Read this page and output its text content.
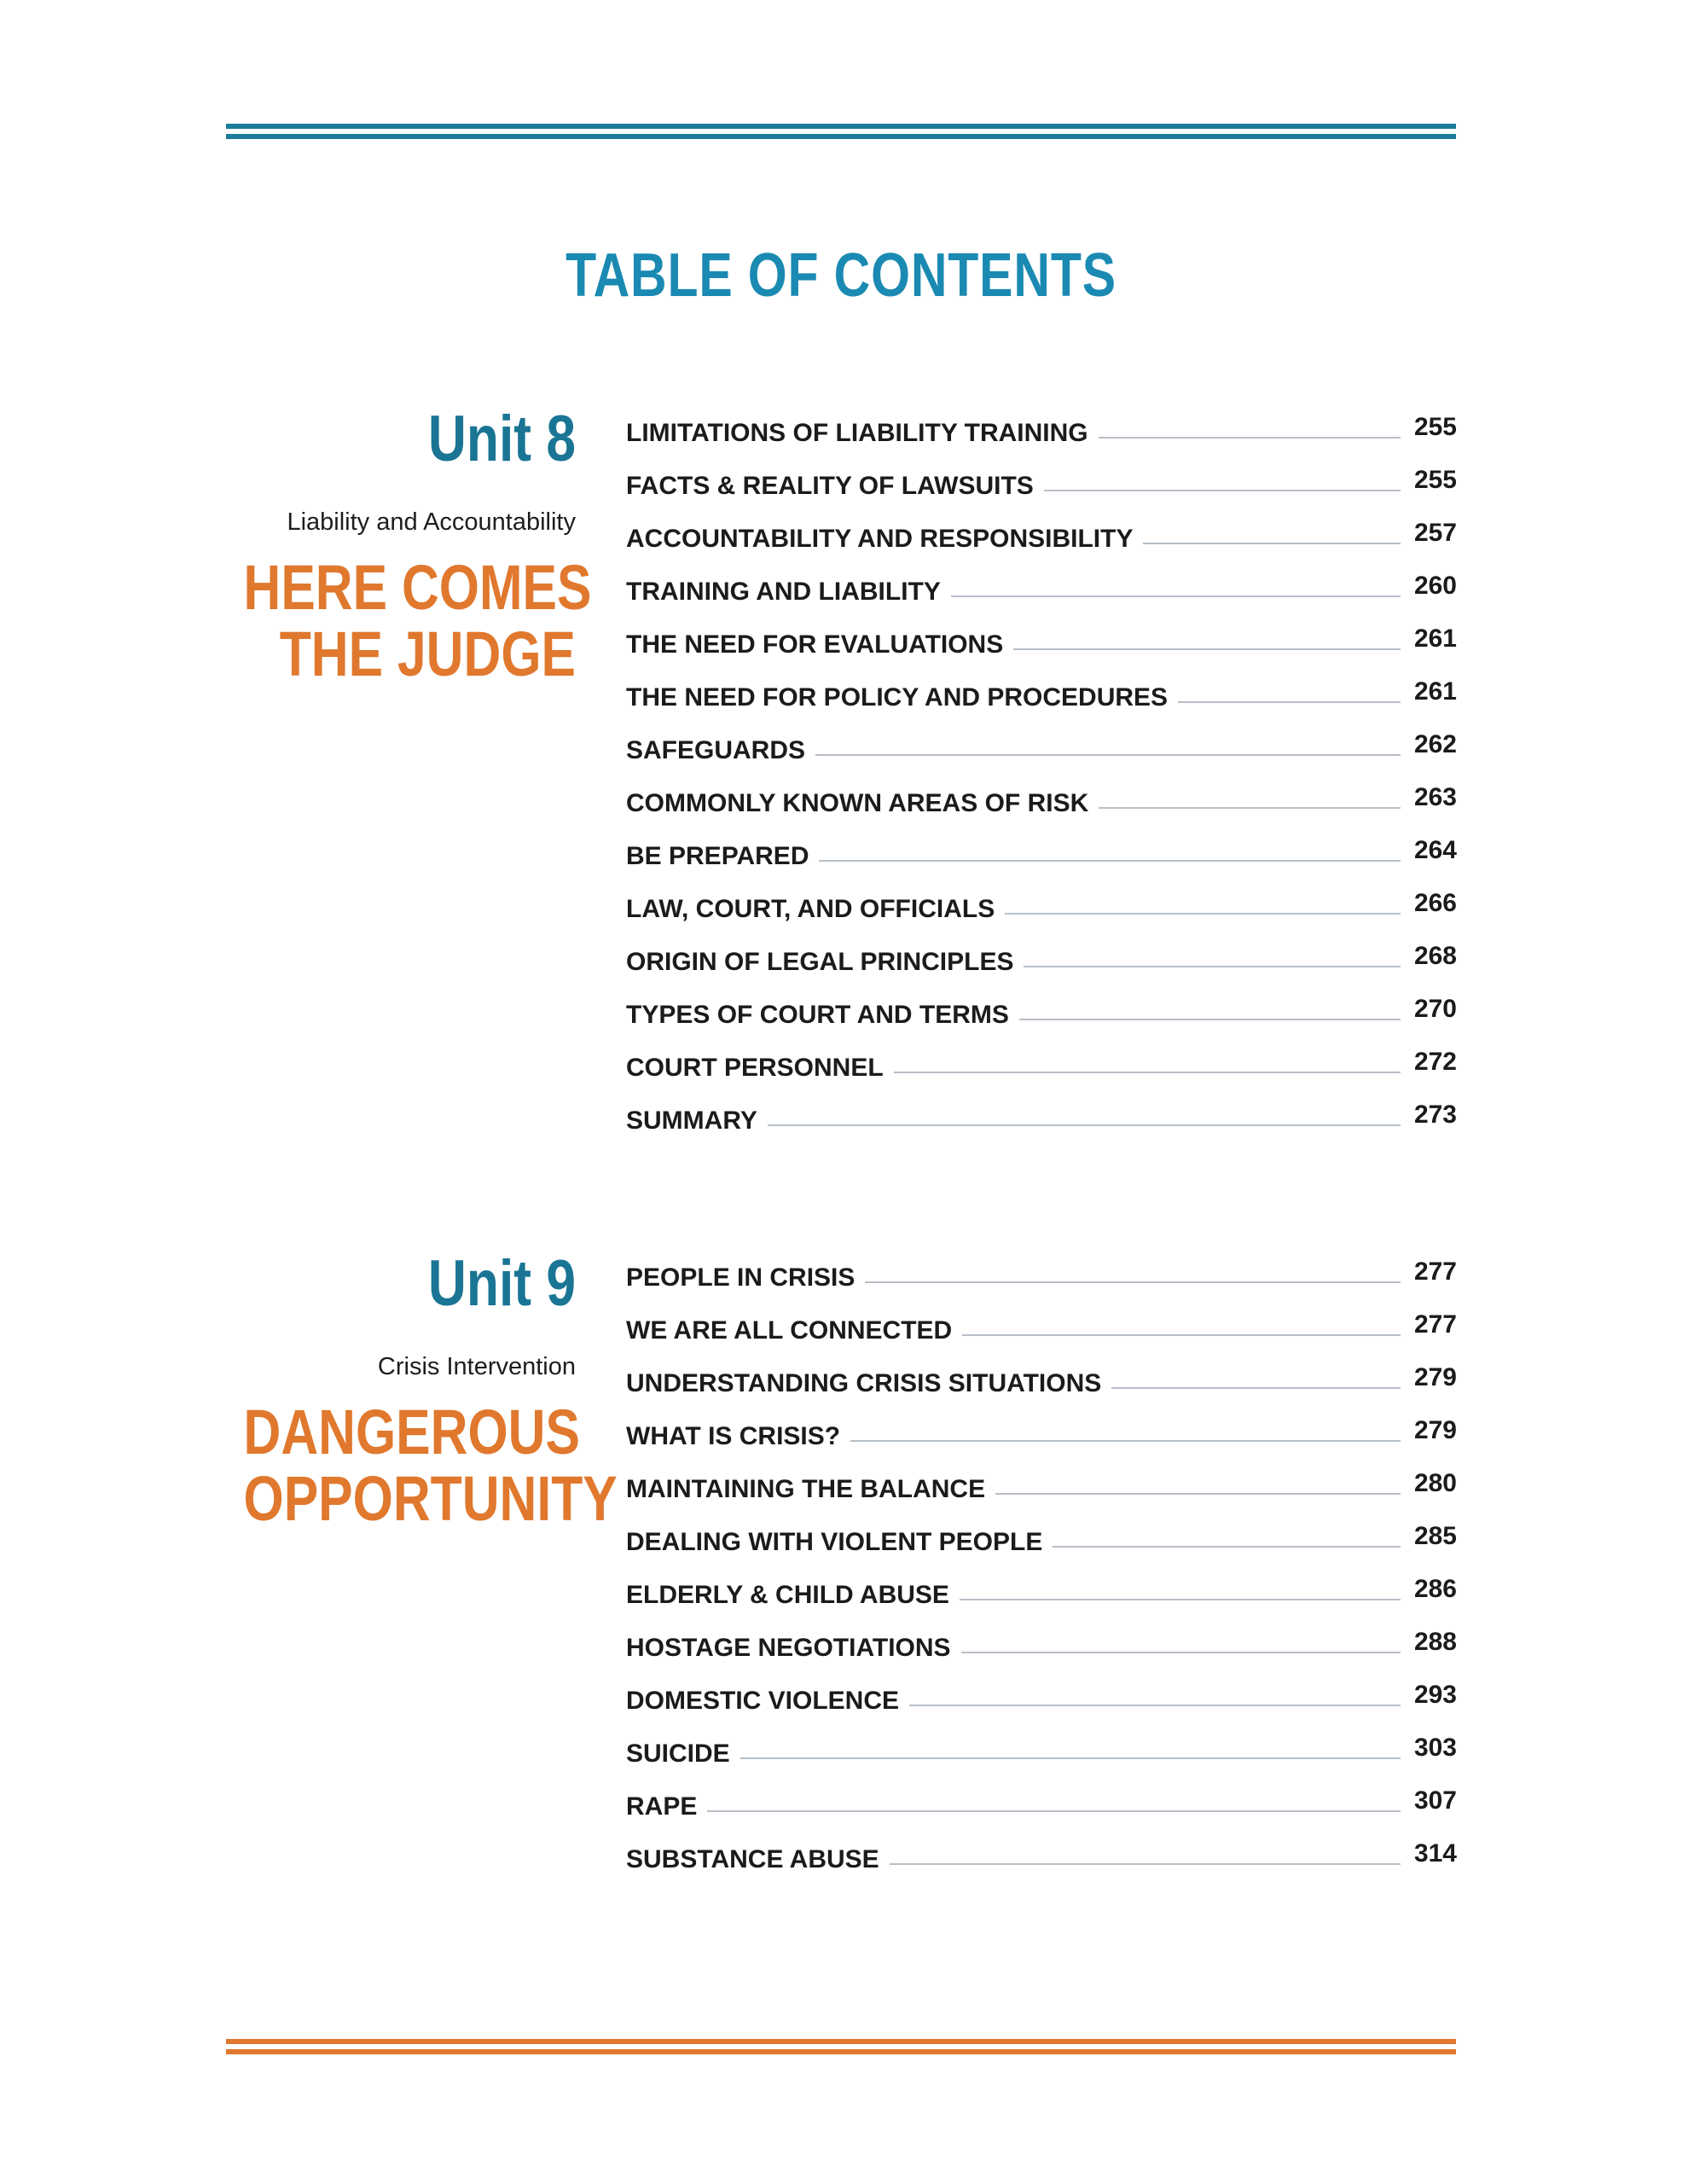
TABLE OF CONTENTS
Unit 8
Liability and Accountability
HERE COMES
THE JUDGE
LIMITATIONS OF LIABILITY TRAINING	255
FACTS & REALITY OF LAWSUITS	255
ACCOUNTABILITY AND RESPONSIBILITY	257
TRAINING AND LIABILITY	260
THE NEED FOR EVALUATIONS	261
THE NEED FOR POLICY AND PROCEDURES	261
SAFEGUARDS	262
COMMONLY KNOWN AREAS OF RISK	263
BE PREPARED	264
LAW, COURT, AND OFFICIALS	266
ORIGIN OF LEGAL PRINCIPLES	268
TYPES OF COURT AND TERMS	270
COURT PERSONNEL	272
SUMMARY	273
Unit 9
Crisis Intervention
DANGEROUS
OPPORTUNITY
PEOPLE IN CRISIS	277
WE ARE ALL CONNECTED	277
UNDERSTANDING CRISIS SITUATIONS	279
WHAT IS CRISIS?	279
MAINTAINING THE BALANCE	280
DEALING WITH VIOLENT PEOPLE	285
ELDERLY & CHILD ABUSE	286
HOSTAGE NEGOTIATIONS	288
DOMESTIC VIOLENCE	293
SUICIDE	303
RAPE	307
SUBSTANCE ABUSE	314
